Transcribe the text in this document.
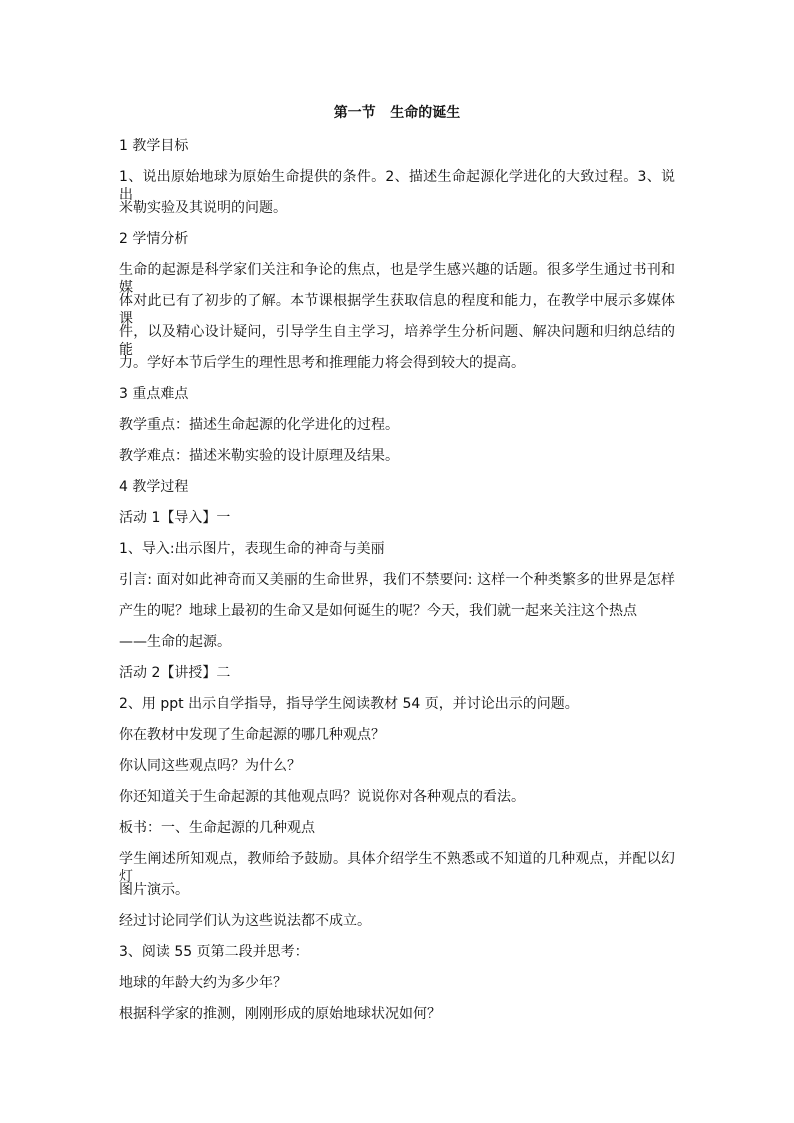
第一节   生命的诞生
1 教学目标
1、说出原始地球为原始生命提供的条件。2、描述生命起源化学进化的大致过程。3、说出
米勒实验及其说明的问题。
2 学情分析
生命的起源是科学家们关注和争论的焦点，也是学生感兴趣的话题。很多学生通过书刊和媒
体对此已有了初步的了解。本节课根据学生获取信息的程度和能力，在教学中展示多媒体课
件，以及精心设计疑问，引导学生自主学习，培养学生分析问题、解决问题和归纳总结的能
力。学好本节后学生的理性思考和推理能力将会得到较大的提高。
3 重点难点
教学重点：描述生命起源的化学进化的过程。
教学难点：描述米勒实验的设计原理及结果。
4 教学过程
活动 1【导入】一
1、导入:出示图片，表现生命的神奇与美丽
引言: 面对如此神奇而又美丽的生命世界，我们不禁要问: 这样一个种类繁多的世界是怎样
产生的呢？地球上最初的生命又是如何诞生的呢？今天，我们就一起来关注这个热点
——生命的起源。
活动 2【讲授】二
2、用 ppt 出示自学指导，指导学生阅读教材 54 页，并讨论出示的问题。
你在教材中发现了生命起源的哪几种观点？
你认同这些观点吗？为什么？
你还知道关于生命起源的其他观点吗？说说你对各种观点的看法。
板书：一、生命起源的几种观点
学生阐述所知观点，教师给予鼓励。具体介绍学生不熟悉或不知道的几种观点，并配以幻灯
图片演示。
经过讨论同学们认为这些说法都不成立。
3、阅读 55 页第二段并思考：
地球的年龄大约为多少年？
根据科学家的推测，刚刚形成的原始地球状况如何？
